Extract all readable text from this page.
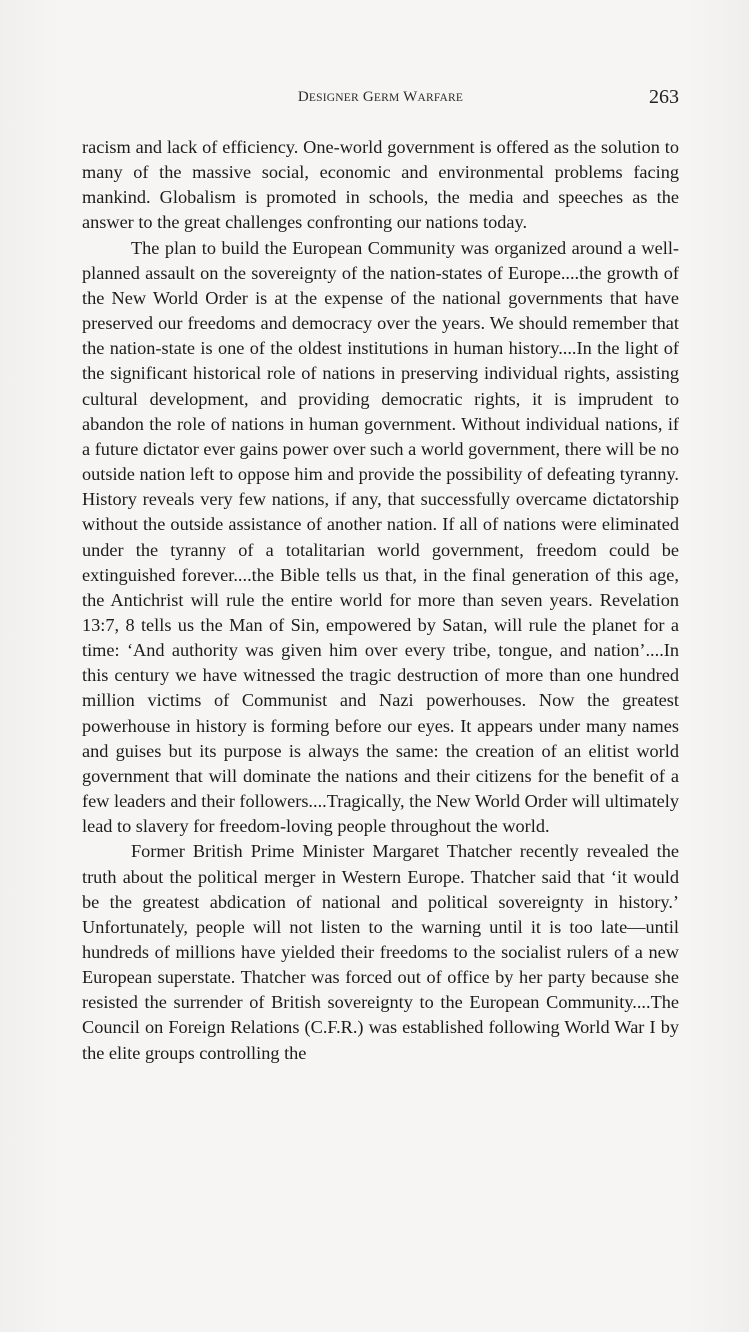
DESIGNER GERM WARFARE	263

racism and lack of efficiency. One-world government is offered as the solution to many of the massive social, economic and environmental problems facing mankind. Globalism is promoted in schools, the media and speeches as the answer to the great challenges confronting our nations today.

The plan to build the European Community was organized around a well-planned assault on the sovereignty of the nation-states of Europe....the growth of the New World Order is at the expense of the national governments that have preserved our freedoms and democracy over the years. We should remember that the nation-state is one of the oldest institutions in human history....In the light of the significant historical role of nations in preserving individual rights, assisting cultural development, and providing democratic rights, it is imprudent to abandon the role of nations in human government. Without individual nations, if a future dictator ever gains power over such a world government, there will be no outside nation left to oppose him and provide the possibility of defeating tyranny. History reveals very few nations, if any, that successfully overcame dictatorship without the outside assistance of another nation. If all of nations were eliminated under the tyranny of a totalitarian world government, freedom could be extinguished forever....the Bible tells us that, in the final generation of this age, the Antichrist will rule the entire world for more than seven years. Revelation 13:7, 8 tells us the Man of Sin, empowered by Satan, will rule the planet for a time: ‘And authority was given him over every tribe, tongue, and nation’....In this century we have witnessed the tragic destruction of more than one hundred million victims of Communist and Nazi powerhouses. Now the greatest powerhouse in history is forming before our eyes. It appears under many names and guises but its purpose is always the same: the creation of an elitist world government that will dominate the nations and their citizens for the benefit of a few leaders and their followers....Tragically, the New World Order will ultimately lead to slavery for freedom-loving people throughout the world.

Former British Prime Minister Margaret Thatcher recently revealed the truth about the political merger in Western Europe. Thatcher said that ‘it would be the greatest abdication of national and political sovereignty in history.’ Unfortunately, people will not listen to the warning until it is too late—until hundreds of millions have yielded their freedoms to the socialist rulers of a new European superstate. Thatcher was forced out of office by her party because she resisted the surrender of British sovereignty to the European Community....The Council on Foreign Relations (C.F.R.) was established following World War I by the elite groups controlling the
